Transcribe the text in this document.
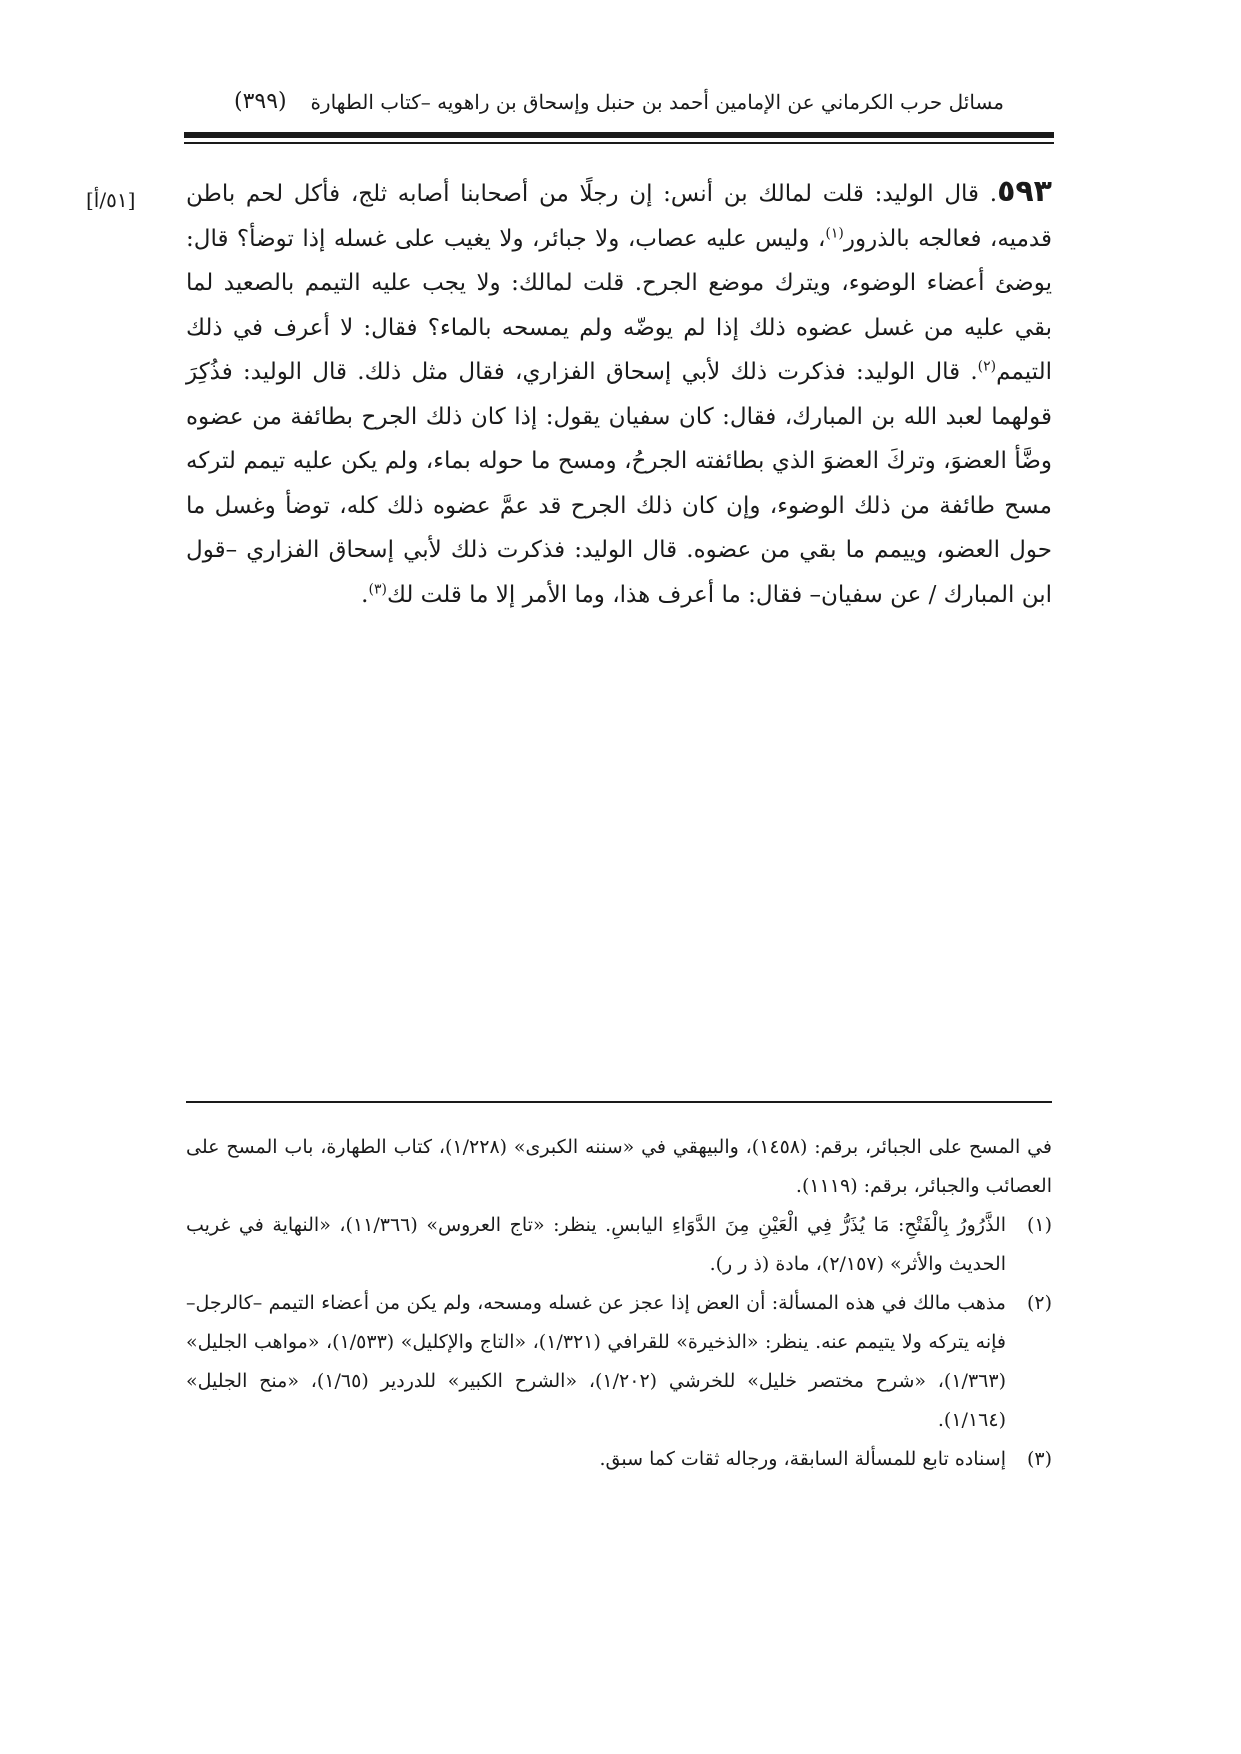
مسائل حرب الكرماني عن الإمامين أحمد بن حنبل وإسحاق بن راهويه –كتاب الطهارة
(٣٩٩)
[٥١/أ]	٥٩٣. قال الوليد: قلت لمالك بن أنس: إن رجلًا من أصحابنا أصابه ثلج، فأكل لحم باطن قدميه، فعالجه بالذرور$^{(١)}$، وليس عليه عصاب، ولا جبائر، ولا يغيب على غسله إذا توضأ؟ قال: يوضئ أعضاء الوضوء، ويترك موضع الجرح. قلت لمالك: ولا يجب عليه التيمم بالصعيد لما بقي عليه من غسل عضوه ذلك إذا لم يوضّه ولم يمسحه بالماء؟ فقال: لا أعرف في ذلك التيمم$^{(٢)}$. قال الوليد: فذكرت ذلك لأبي إسحاق الفزاري، فقال مثل ذلك. قال الوليد: فذُكِرَ قولهما لعبد الله بن المبارك، فقال: كان سفيان يقول: إذا كان ذلك الجرح بطائفة من عضوه وضَّأ العضوَ، وتركَ العضوَ الذي بطائفته الجرحُ، ومسح ما حوله بماء، ولم يكن عليه تيمم لتركه مسح طائفة من ذلك الوضوء، وإن كان ذلك الجرح قد عمَّ عضوه ذلك كله، توضأ وغسل ما حول العضو، وييمم ما بقي من عضوه. قال الوليد: فذكرت ذلك لأبي إسحاق الفزاري –قول ابن المبارك / عن سفيان– فقال: ما أعرف هذا، وما الأمر إلا ما قلت لك$^{(٣)}$.

في المسح على الجبائر، برقم: (١٤٥٨)، والبيهقي في «سننه الكبرى» (١/٢٢٨)، كتاب الطهارة، باب المسح على العصائب والجبائر، برقم: (١١١٩).

(١)الذَّرُورُ بِالْفَتْحِ: مَا يُذَرُّ فِي الْعَيْنِ مِنَ الدَّوَاءِ اليابسِ. ينظر: «تاج العروس» (١١/٣٦٦)، «النهاية في غريب الحديث والأثر» (٢/١٥٧)، مادة (ذ ر ر).

(٢)مذهب مالك في هذه المسألة: أن العض إذا عجز عن غسله ومسحه، ولم يكن من أعضاء التيمم –كالرجل– فإنه يتركه ولا يتيمم عنه. ينظر: «الذخيرة» للقرافي (١/٣٢١)، «التاج والإكليل» (١/٥٣٣)، «مواهب الجليل» (١/٣٦٣)، «شرح مختصر خليل» للخرشي (١/٢٠٢)، «الشرح الكبير» للدردير (١/٦٥)، «منح الجليل» (١/١٦٤).

(٣)إسناده تابع للمسألة السابقة، ورجاله ثقات كما سبق.
